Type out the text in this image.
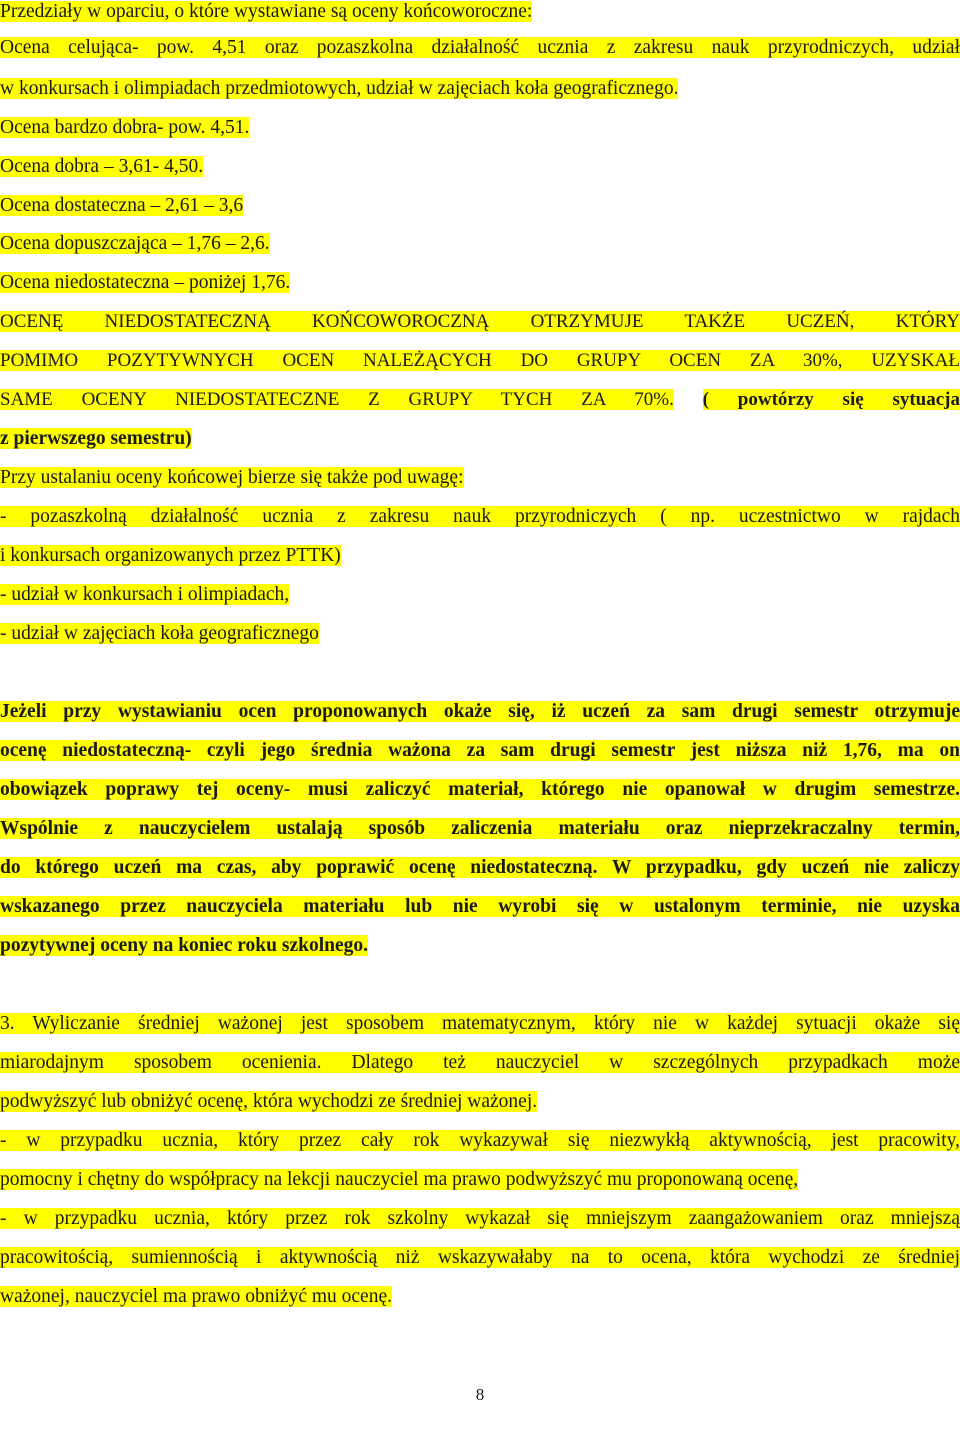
Przedziały w oparciu, o które wystawiane są oceny końcoworoczne:
Ocena celująca- pow. 4,51 oraz pozaszkolna działalność ucznia z zakresu nauk przyrodniczych, udział
w konkursach i olimpiadach przedmiotowych, udział w zajęciach koła geograficznego.
Ocena bardzo dobra- pow. 4,51.
Ocena dobra – 3,61- 4,50.
Ocena dostateczna – 2,61 – 3,6
Ocena dopuszczająca – 1,76 – 2,6.
Ocena niedostateczna – poniżej 1,76.
OCENĘ NIEDOSTATECZNĄ KOŃCOWOROCZNĄ OTRZYMUJE TAKŻE UCZEŃ, KTÓRY
POMIMO POZYTYWNYCH OCEN NALEŻĄCYCH DO GRUPY OCEN ZA 30%, UZYSKAŁ
SAME OCENY NIEDOSTATECZNE Z GRUPY TYCH ZA 70%. ( powtórzy się sytuacja
z pierwszego semestru)
Przy ustalaniu oceny końcowej bierze się także pod uwagę:
- pozaszkolną działalność ucznia z zakresu nauk przyrodniczych ( np. uczestnictwo w rajdach
i konkursach organizowanych przez PTTK)
- udział w konkursach i olimpiadach,
- udział w zajęciach koła geograficznego
Jeżeli przy wystawianiu ocen proponowanych okaże się, iż uczeń za sam drugi semestr otrzymuje
ocenę niedostateczną- czyli jego średnia ważona za sam drugi semestr jest niższa niż 1,76, ma on
obowiązek poprawy tej oceny- musi zaliczyć materiał, którego nie opanował w drugim semestrze.
Wspólnie z nauczycielem ustalają sposób zaliczenia materiału oraz nieprzekraczalny termin,
do którego uczeń ma czas, aby poprawić ocenę niedostateczną. W przypadku, gdy uczeń nie zaliczy
wskazanego przez nauczyciela materiału lub nie wyrobi się w ustalonym terminie, nie uzyska
pozytywnej oceny na koniec roku szkolnego.
3. Wyliczanie średniej ważonej jest sposobem matematycznym, który nie w każdej sytuacji okaże się
miarodajnym sposobem ocenienia. Dlatego też nauczyciel w szczególnych przypadkach może
podwyższyć lub obniżyć ocenę, która wychodzi ze średniej ważonej.
- w przypadku ucznia, który przez cały rok wykazywał się niezwykłą aktywnością, jest pracowity,
pomocny i chętny do współpracy na lekcji nauczyciel ma prawo podwyższyć mu proponowaną ocenę,
- w przypadku ucznia, który przez rok szkolny wykazał się mniejszym zaangażowaniem oraz mniejszą
pracowitością, sumiennością i aktywnością niż wskazywałaby na to ocena, która wychodzi ze średniej
ważonej, nauczyciel ma prawo obniżyć mu ocenę.
8
